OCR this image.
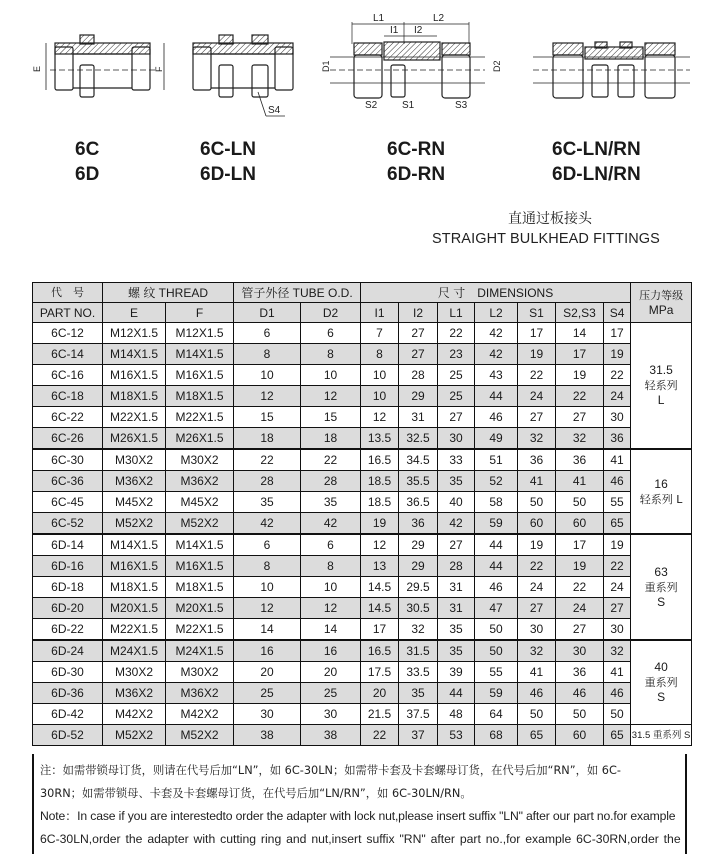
E	F
S4
L1	L2
I1 I2
D1	D2
S2 S1	S3
6C
6D
6C-LN
6D-LN
6C-RN
6D-RN
6C-LN/RN
6D-LN/RN
直通过板接头
STRAIGHT BULKHEAD FITTINGS
代　号	螺 纹 THREAD		管子外径 TUBE O.D.		尺 寸　DIMENSIONS							压力等级
MPa

PART NO.	E	F	D1	D2	I1	I2	L1	L2	S1	S2,S3	S4	
6C-12	M12X1.5	M12X1.5	6	6	7	27	22	42	17	14	17	31.5
轻系列
L

6C-14	M14X1.5	M14X1.5	8	8	8	27	23	42	19	17	19	
6C-16	M16X1.5	M16X1.5	10	10	10	28	25	43	22	19	22	
6C-18	M18X1.5	M18X1.5	12	12	10	29	25	44	24	22	24	
6C-22	M22X1.5	M22X1.5	15	15	12	31	27	46	27	27	30	
6C-26	M26X1.5	M26X1.5	18	18	13.5	32.5	30	49	32	32	36	
6C-30	M30X2	M30X2	22	22	16.5	34.5	33	51	36	36	41	16
轻系列 L

6C-36	M36X2	M36X2	28	28	18.5	35.5	35	52	41	41	46	
6C-45	M45X2	M45X2	35	35	18.5	36.5	40	58	50	50	55	
6C-52	M52X2	M52X2	42	42	19	36	42	59	60	60	65	
6D-14	M14X1.5	M14X1.5	6	6	12	29	27	44	19	17	19	63
重系列
S

6D-16	M16X1.5	M16X1.5	8	8	13	29	28	44	22	19	22	
6D-18	M18X1.5	M18X1.5	10	10	14.5	29.5	31	46	24	22	24	
6D-20	M20X1.5	M20X1.5	12	12	14.5	30.5	31	47	27	24	27	
6D-22	M22X1.5	M22X1.5	14	14	17	32	35	50	30	27	30	
6D-24	M24X1.5	M24X1.5	16	16	16.5	31.5	35	50	32	30	32	40
重系列
S

6D-30	M30X2	M30X2	20	20	17.5	33.5	39	55	41	36	41	
6D-36	M36X2	M36X2	25	25	20	35	44	59	46	46	46	
6D-42	M42X2	M42X2	30	30	21.5	37.5	48	64	50	50	50	
6D-52	M52X2	M52X2	38	38	22	37	53	68	65	60	65	31.5 重系列 S

注：如需带锁母订货，则请在代号后加“LN”，如 6C-30LN；如需带卡套及卡套螺母订货，在代号后加“RN”，如 6C-

30RN；如需带锁母、卡套及卡套螺母订货，在代号后加“LN/RN”，如 6C-30LN/RN。

Note：In case if you are interestedto order the adapter with lock nut,please insert suffix "LN" after our part no.for example

6C-30LN,order the adapter with cutting ring and nut,insert suffix "RN" after part no.,for example 6C-30RN,order the
